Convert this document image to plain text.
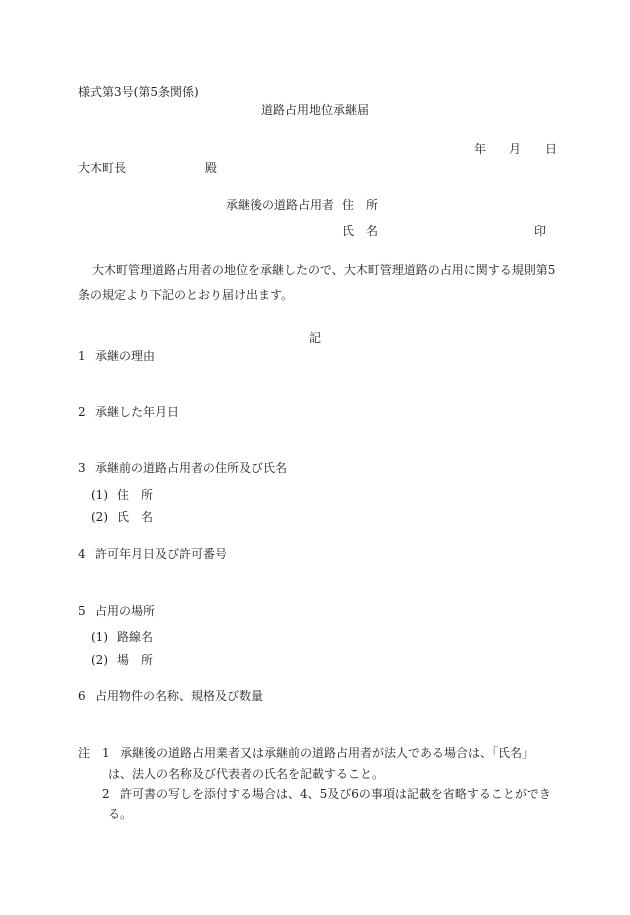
様式第3号(第5条関係)
道路占用地位承継届
年 月 日
大木町長	殿
承継後の道路占用者 住　所
氏　名	印
大木町管理道路占用者の地位を承継したので、大木町管理道路の占用に関する規則第5
条の規定より下記のとおり届け出ます。
記
1 承継の理由
2 承継した年月日
3 承継前の道路占用者の住所及び氏名
(1) 住　所
(2) 氏　名
4 許可年月日及び許可番号
5 占用の場所
(1) 路線名
(2) 場　所
6 占用物件の名称、規格及び数量
注 1 承継後の道路占用業者又は承継前の道路占用者が法人である場合は、「氏名」
は、法人の名称及び代表者の氏名を記載すること。
2 許可書の写しを添付する場合は、4、5及び6の事項は記載を省略することができ
る。
